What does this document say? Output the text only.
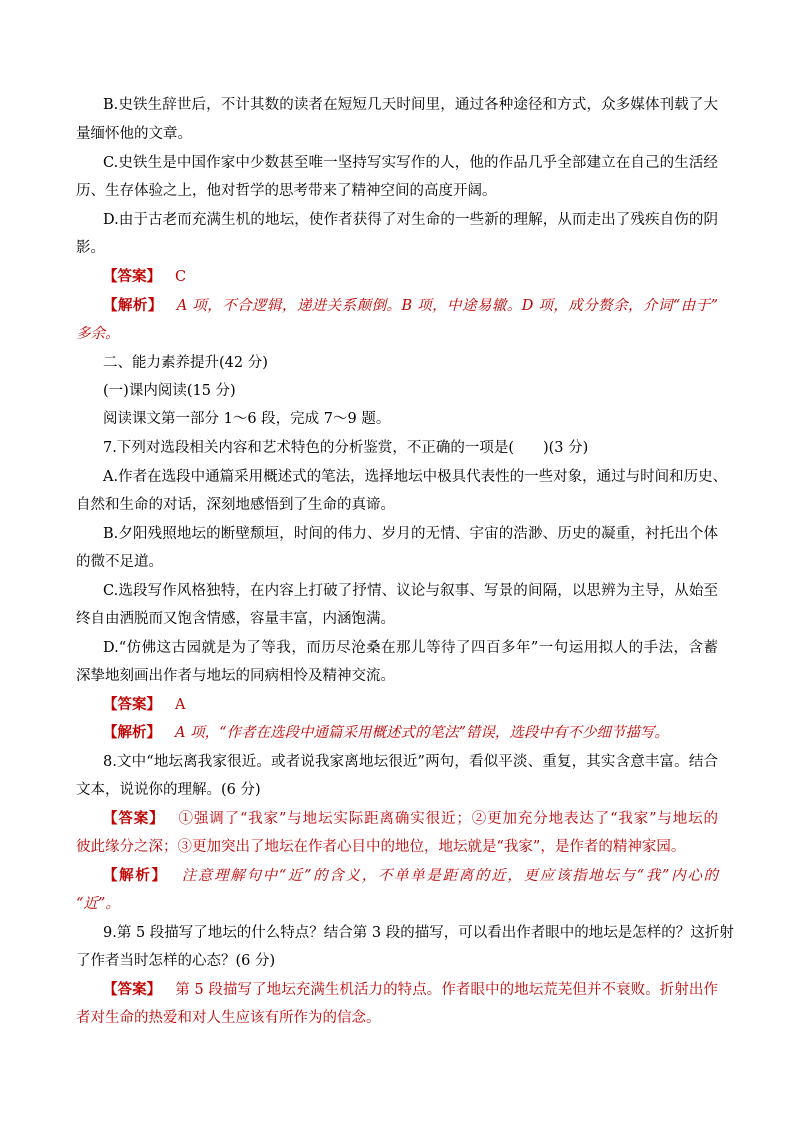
B.史铁生辞世后，不计其数的读者在短短几天时间里，通过各种途径和方式，众多媒体刊载了大

量缅怀他的文章。

C.史铁生是中国作家中少数甚至唯一坚持写实写作的人，他的作品几乎全部建立在自己的生活经

历、生存体验之上，他对哲学的思考带来了精神空间的高度开阔。

D.由于古老而充满生机的地坛，使作者获得了对生命的一些新的理解，从而走出了残疾自伤的阴

影。

【答案】 C

【解析】 A 项，不合逻辑，递进关系颠倒。B 项，中途易辙。D 项，成分赘余，介词“由于”

多余。

二、能力素养提升(42 分)

(一)课内阅读(15 分)

阅读课文第一部分 1～6 段，完成 7～9 题。

7.下列对选段相关内容和艺术特色的分析鉴赏，不正确的一项是(　　)(3 分)

A.作者在选段中通篇采用概述式的笔法，选择地坛中极具代表性的一些对象，通过与时间和历史、

自然和生命的对话，深刻地感悟到了生命的真谛。

B.夕阳残照地坛的断壁颓垣，时间的伟力、岁月的无情、宇宙的浩渺、历史的凝重，衬托出个体

的微不足道。

C.选段写作风格独特，在内容上打破了抒情、议论与叙事、写景的间隔，以思辨为主导，从始至

终自由洒脱而又饱含情感，容量丰富，内涵饱满。

D.“仿佛这古园就是为了等我，而历尽沧桑在那儿等待了四百多年”一句运用拟人的手法，含蓄

深挚地刻画出作者与地坛的同病相怜及精神交流。

【答案】 A

【解析】 A 项，“作者在选段中通篇采用概述式的笔法”错误，选段中有不少细节描写。

8.文中“地坛离我家很近。或者说我家离地坛很近”两句，看似平淡、重复，其实含意丰富。结合

文本，说说你的理解。(6 分)

【答案】 ①强调了“我家”与地坛实际距离确实很近；②更加充分地表达了“我家”与地坛的

彼此缘分之深；③更加突出了地坛在作者心目中的地位，地坛就是“我家”，是作者的精神家园。

【解析】 注意理解句中“近”的含义，不单单是距离的近，更应该指地坛与“我”内心的

“近”。

9.第 5 段描写了地坛的什么特点？结合第 3 段的描写，可以看出作者眼中的地坛是怎样的？这折射

了作者当时怎样的心态？(6 分)

【答案】 第 5 段描写了地坛充满生机活力的特点。作者眼中的地坛荒芜但并不衰败。折射出作

者对生命的热爱和对人生应该有所作为的信念。
